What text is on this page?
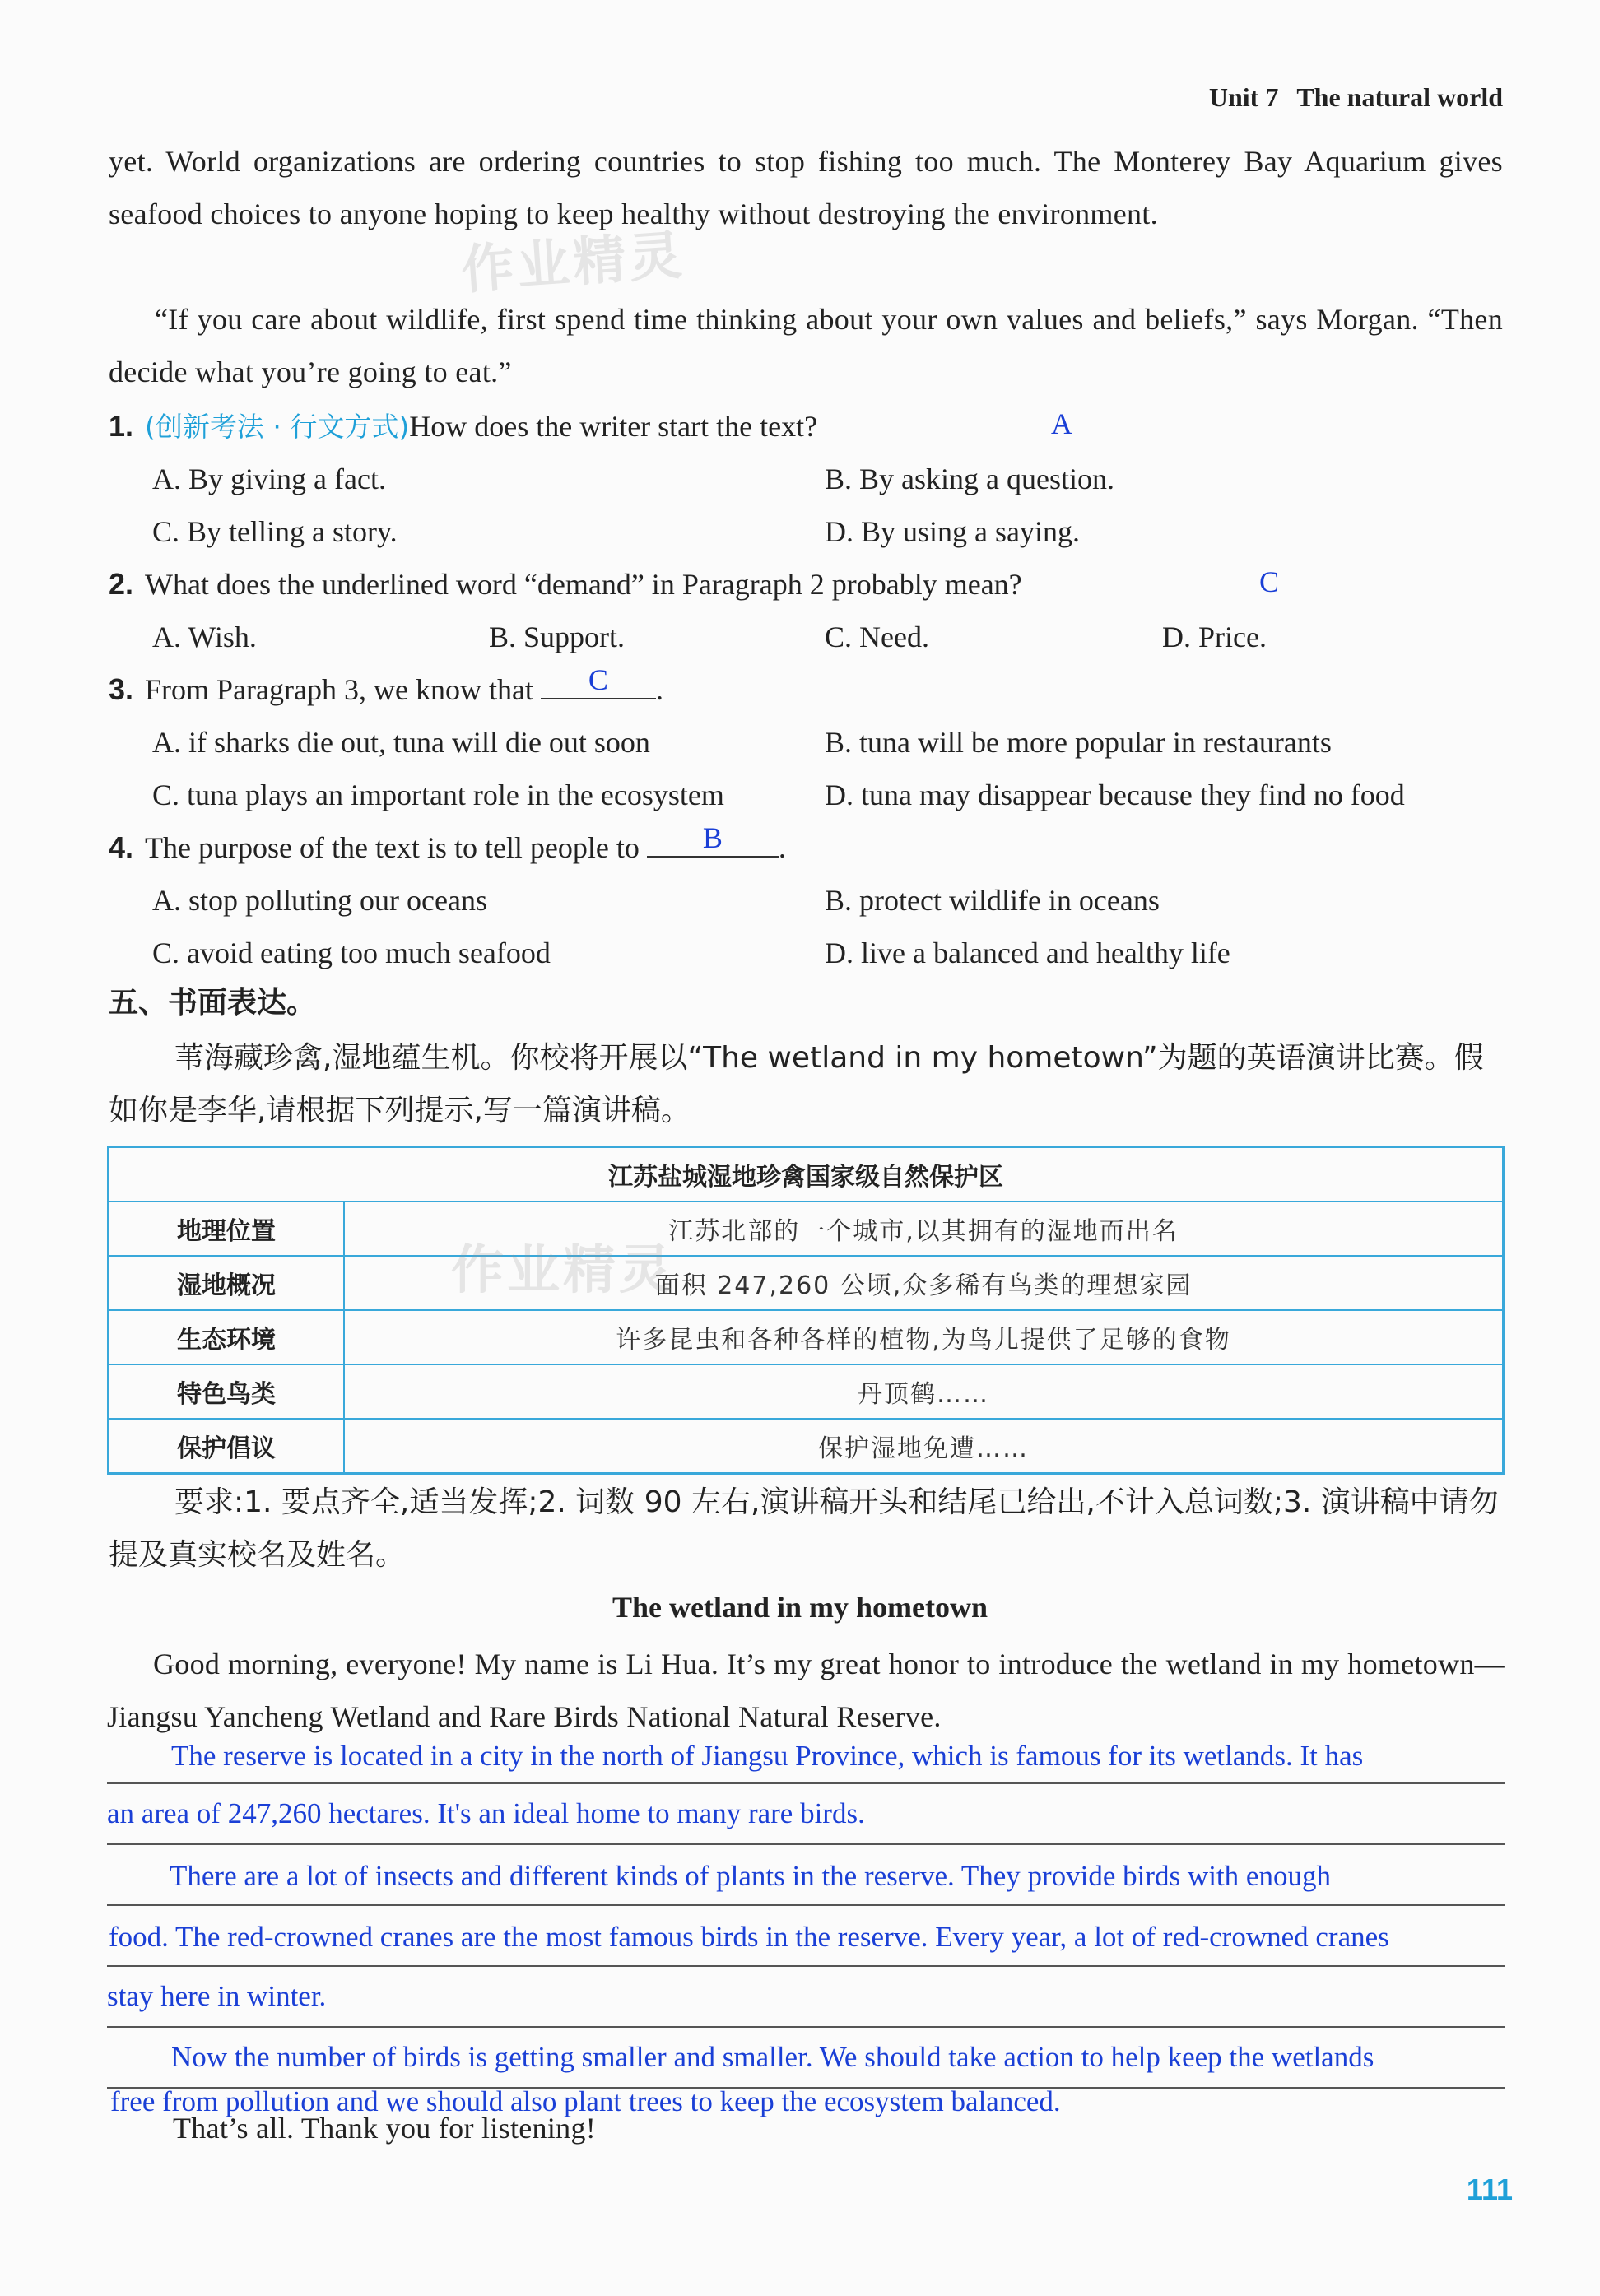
Unit 7 The natural world
yet. World organizations are ordering countries to stop fishing too much. The Monterey Bay Aquarium gives seafood choices to anyone hoping to keep healthy without destroying the environment.
“If you care about wildlife, first spend time thinking about your own values and beliefs,” says Morgan. “Then decide what you’re going to eat.”
作业精灵
1. (创新考法 · 行文方式)How does the writer start the text?	A
A. By giving a fact.	B. By asking a question.
C. By telling a story.	D. By using a saying.
2. What does the underlined word “demand” in Paragraph 2 probably mean?	C
A. Wish.	B. Support.	C. Need.	D. Price.
3. From Paragraph 3, we know that	C	.
A. if sharks die out, tuna will die out soon	B. tuna will be more popular in restaurants
C. tuna plays an important role in the ecosystem	D. tuna may disappear because they find no food
4. The purpose of the text is to tell people to	B	.
A. stop polluting our oceans	B. protect wildlife in oceans
C. avoid eating too much seafood	D. live a balanced and healthy life
五、书面表达。
苇海藏珍禽,湿地蕴生机。你校将开展以“The wetland in my hometown”为题的英语演讲比赛。假如你是李华,请根据下列提示,写一篇演讲稿。
江苏盐城湿地珍禽国家级自然保护区	
地理位置	江苏北部的一个城市,以其拥有的湿地而出名
湿地概况	面积 247,260 公顷,众多稀有鸟类的理想家园
生态环境	许多昆虫和各种各样的植物,为鸟儿提供了足够的食物
特色鸟类	丹顶鹤……
保护倡议	保护湿地免遭……
作业精灵
要求:1. 要点齐全,适当发挥;2. 词数 90 左右,演讲稿开头和结尾已给出,不计入总词数;3. 演讲稿中请勿提及真实校名及姓名。
The wetland in my hometown
Good morning, everyone! My name is Li Hua. It’s my great honor to introduce the wetland in my hometown—Jiangsu Yancheng Wetland and Rare Birds National Natural Reserve.
The reserve is located in a city in the north of Jiangsu Province, which is famous for its wetlands. It has
an area of 247,260 hectares. It's an ideal home to many rare birds.
There are a lot of insects and different kinds of plants in the reserve. They provide birds with enough
food. The red-crowned cranes are the most famous birds in the reserve. Every year, a lot of red-crowned cranes
stay here in winter.
Now the number of birds is getting smaller and smaller. We should take action to help keep the wetlands
free from pollution and we should also plant trees to keep the ecosystem balanced.
That’s all. Thank you for listening!
111
